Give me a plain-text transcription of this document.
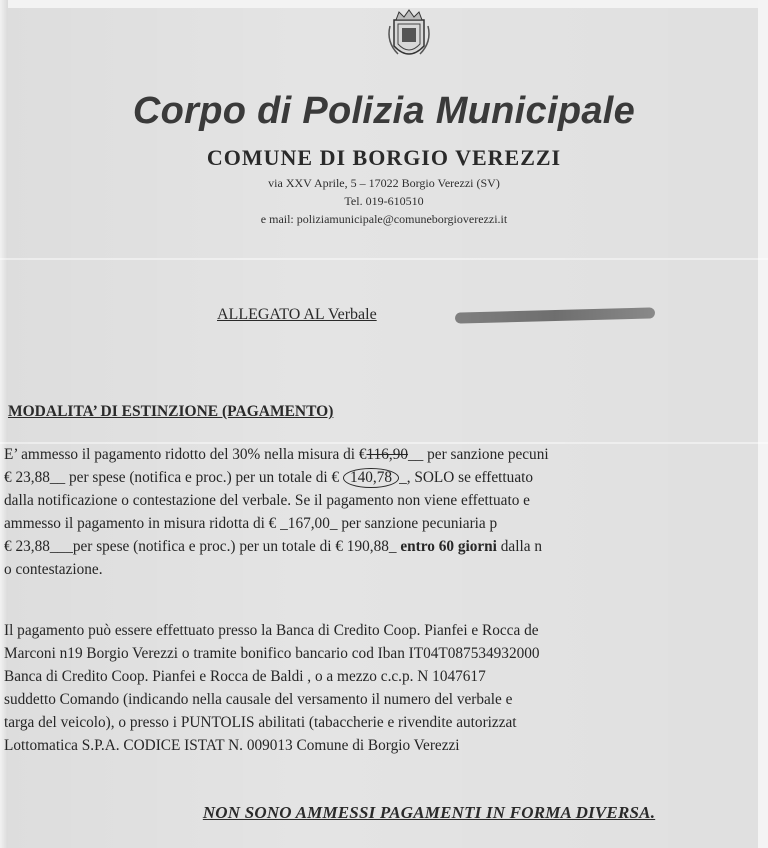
Corpo di Polizia Municipale
COMUNE DI BORGIO VEREZZI
via XXV Aprile, 5 – 17022 Borgio Verezzi (SV)
Tel. 019-610510
e mail: poliziamunicipale@comuneborgioverezzi.it
ALLEGATO AL Verbale
MODALITA’ DI ESTINZIONE (PAGAMENTO)
E’ ammesso il pagamento ridotto del 30% nella misura di €116,90__ per sanzione pecuni
€ 23,88__ per spese (notifica e proc.) per un totale di € 140,78 _, SOLO se effettuato
dalla notificazione o contestazione del verbale. Se il pagamento non viene effettuato e
ammesso il pagamento in misura ridotta di € _167,00_ per sanzione pecuniaria p
€ 23,88___per spese (notifica e proc.) per un totale di € 190,88_ entro 60 giorni dalla n
o contestazione.
Il pagamento può essere effettuato presso la Banca di Credito Coop. Pianfei e Rocca de
Marconi n19 Borgio Verezzi o tramite bonifico bancario cod Iban IT04T087534932000
Banca di Credito Coop. Pianfei e Rocca de Baldi , o a mezzo c.c.p. N 1047617
suddetto Comando (indicando nella causale del versamento il numero del verbale e
targa del veicolo), o presso i PUNTOLIS abilitati (tabaccherie e rivendite autorizzat
Lottomatica S.P.A. CODICE ISTAT N. 009013 Comune di Borgio Verezzi
NON SONO AMMESSI PAGAMENTI IN FORMA DIVERSA.
